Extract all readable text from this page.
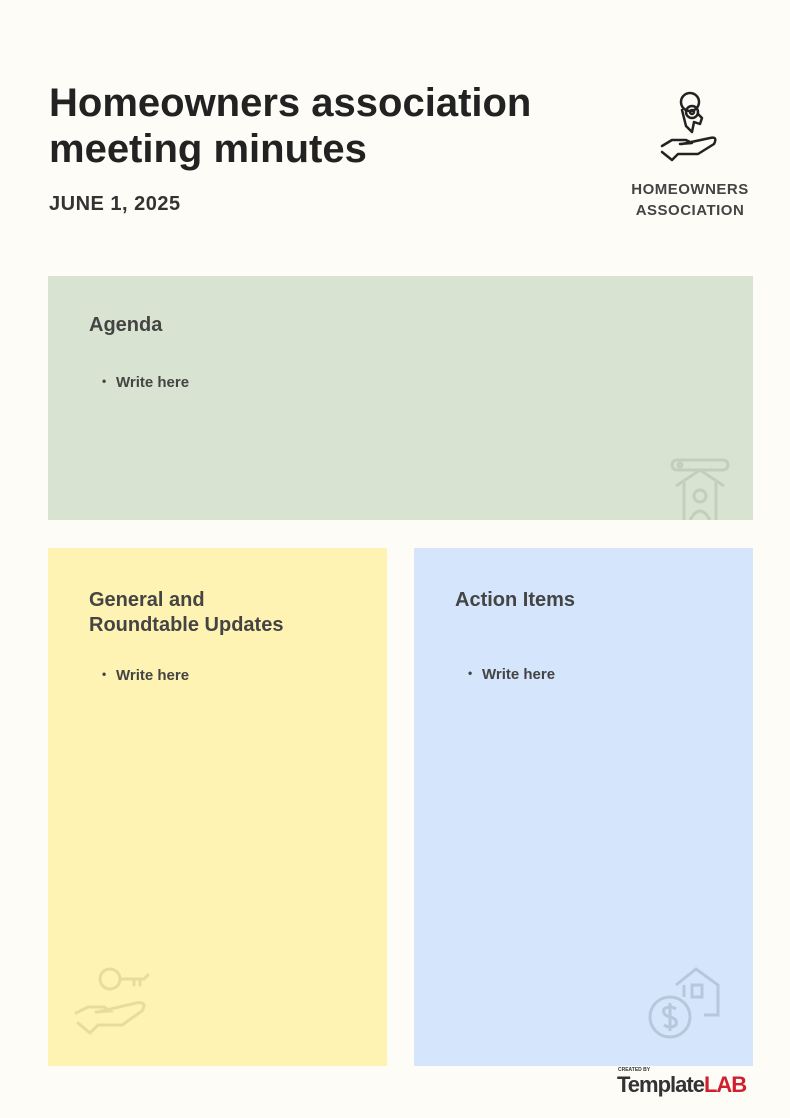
Homeowners association meeting minutes
JUNE 1, 2025
HOMEOWNERS
ASSOCIATION
Agenda
• Write here
General and
Roundtable Updates
• Write here
Action Items
• Write here
CREATED BY
TemplateLAB
